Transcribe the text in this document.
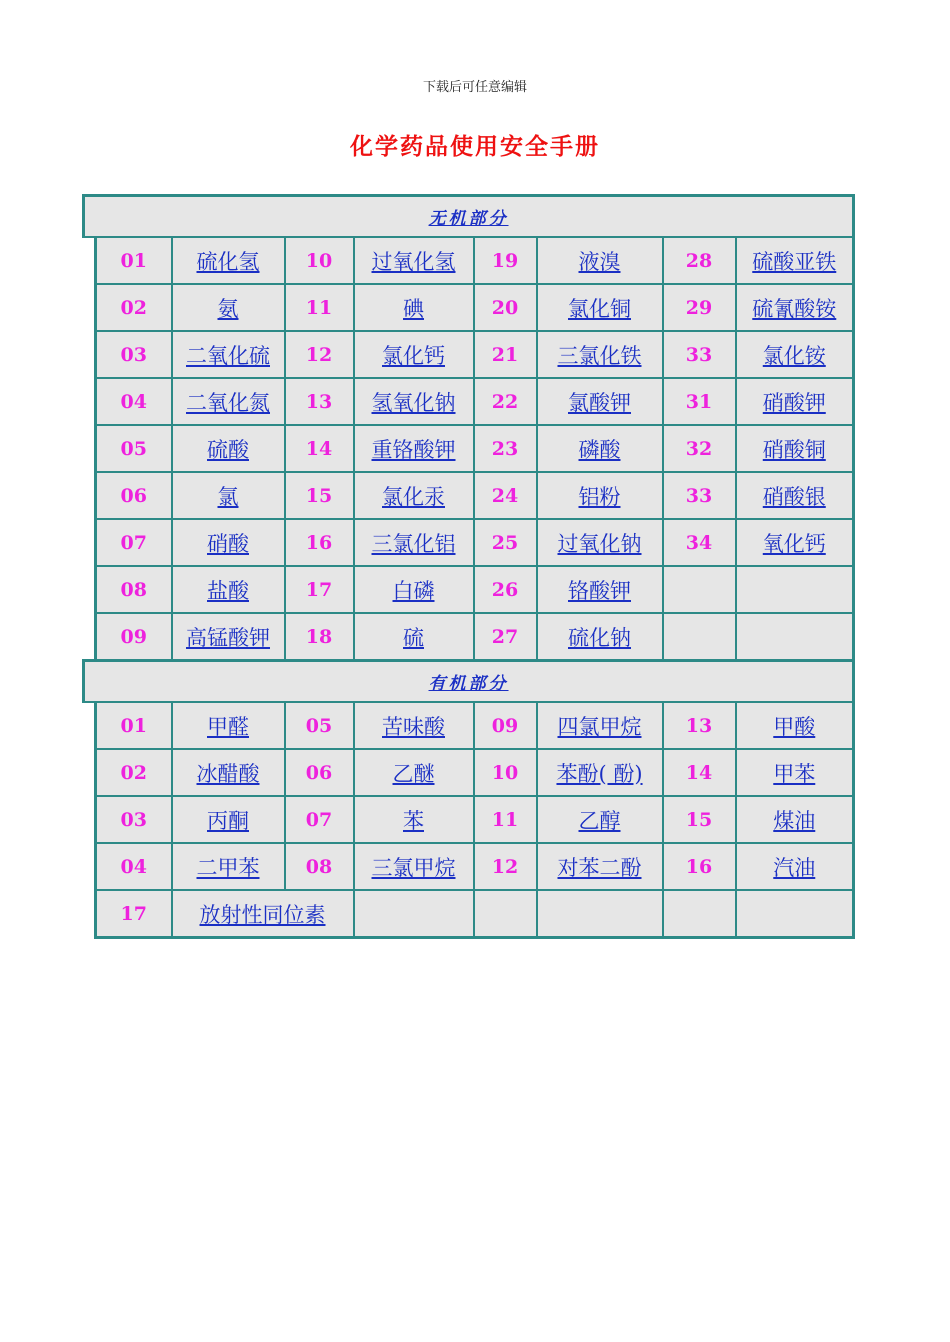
下载后可任意编辑
化学药品使用安全手册
无机部分								
	01	硫化氢	10	过氧化氢	19	液溴	28	硫酸亚铁
	02	氨	11	碘	20	氯化铜	29	硫氰酸铵
	03	二氧化硫	12	氯化钙	21	三氯化铁	33	氯化铵
	04	二氧化氮	13	氢氧化钠	22	氯酸钾	31	硝酸钾
	05	硫酸	14	重铬酸钾	23	磷酸	32	硝酸铜
	06	氯	15	氯化汞	24	铝粉	33	硝酸银
	07	硝酸	16	三氯化铝	25	过氧化钠	34	氧化钙
	08	盐酸	17	白磷	26	铬酸钾		
	09	高锰酸钾	18	硫	27	硫化钠		
有机部分								
	01	甲醛	05	苦味酸	09	四氯甲烷	13	甲酸
	02	冰醋酸	06	乙醚	10	苯酚( 酚)	14	甲苯
	03	丙酮	07	苯	11	乙醇	15	煤油
	04	二甲苯	08	三氯甲烷	12	对苯二酚	16	汽油
	17	放射性同位素						
